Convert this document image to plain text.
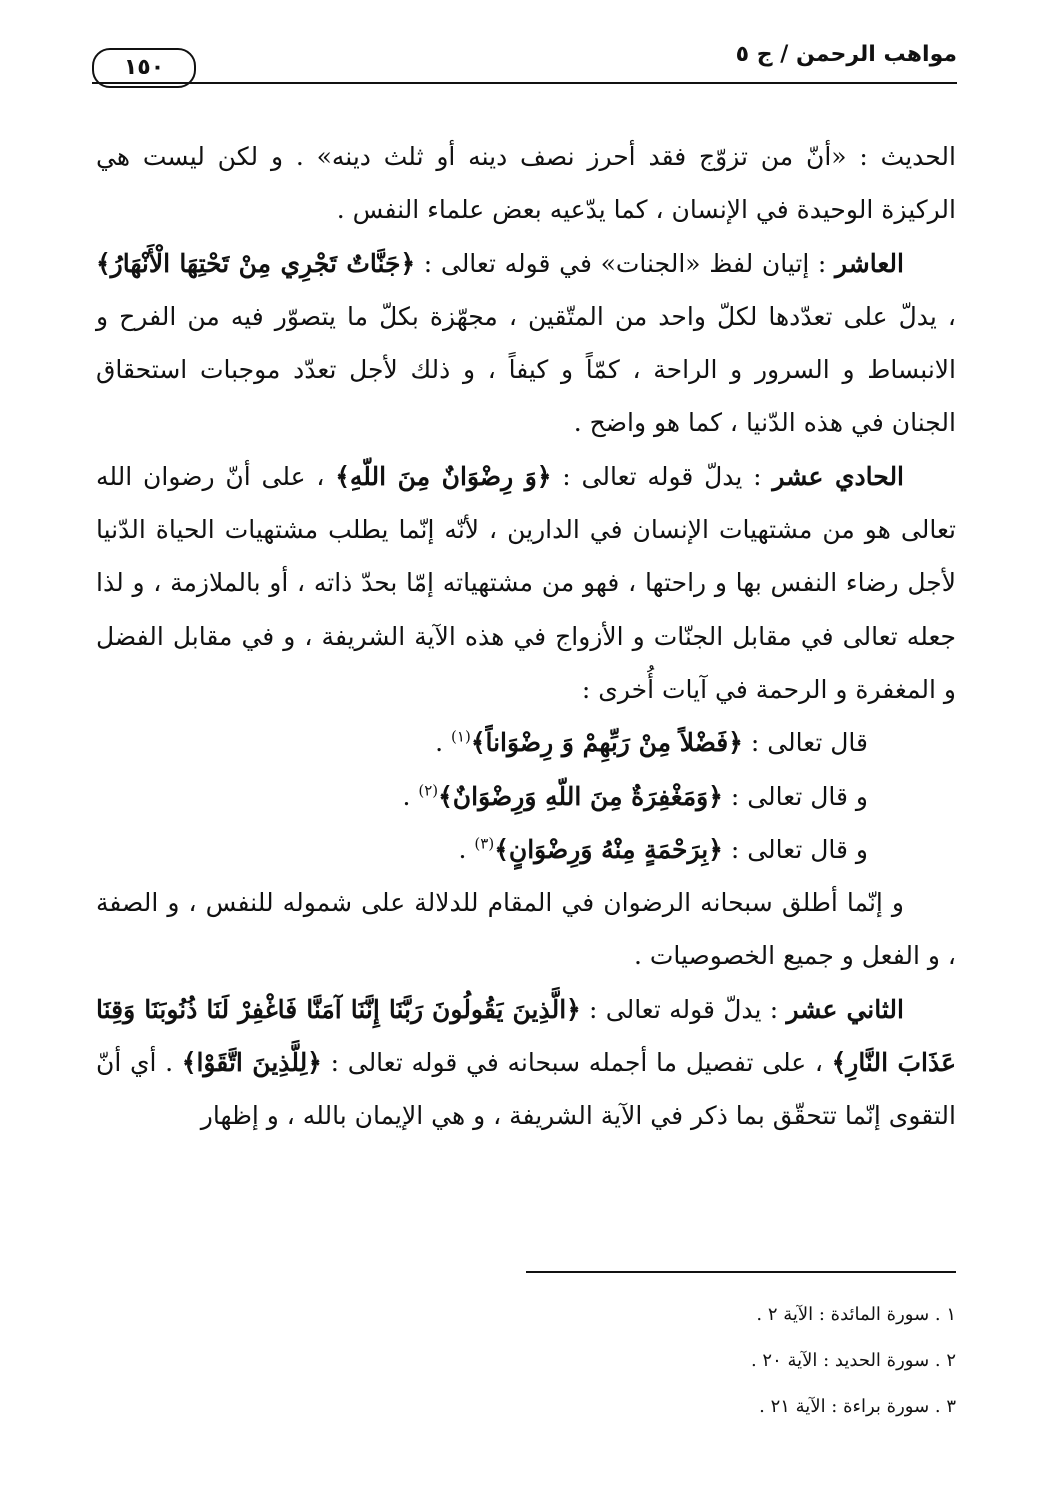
١٥٠
مواهب الرحمن / ج ٥

الحديث : «أنّ من تزوّج فقد أحرز نصف دينه أو ثلث دينه» . و لكن ليست هي الركيزة الوحيدة في الإنسان ، كما يدّعيه بعض علماء النفس .

العاشر : إتيان لفظ «الجنات» في قوله تعالى : ﴿جَنَّاتٌ تَجْرِي مِنْ تَحْتِهَا الْأَنْهَارُ﴾ ، يدلّ على تعدّدها لكلّ واحد من المتّقين ، مجهّزة بكلّ ما يتصوّر فيه من الفرح و الانبساط و السرور و الراحة ، كمّاً و كيفاً ، و ذلك لأجل تعدّد موجبات استحقاق الجنان في هذه الدّنيا ، كما هو واضح .

الحادي عشر : يدلّ قوله تعالى : ﴿وَ رِضْوَانٌ مِنَ اللّهِ﴾ ، على أنّ رضوان الله تعالى هو من مشتهيات الإنسان في الدارين ، لأنّه إنّما يطلب مشتهيات الحياة الدّنيا لأجل رضاء النفس بها و راحتها ، فهو من مشتهياته إمّا بحدّ ذاته ، أو بالملازمة ، و لذا جعله تعالى في مقابل الجنّات و الأزواج في هذه الآية الشريفة ، و في مقابل الفضل و المغفرة و الرحمة في آيات أُخرى :

قال تعالى : ﴿فَضْلاً مِنْ رَبِّهِمْ وَ رِضْوَاناً﴾$^{(١)}$ .

و قال تعالى : ﴿وَمَغْفِرَةٌ مِنَ اللّهِ وَرِضْوَانٌ﴾$^{(٢)}$ .

و قال تعالى : ﴿بِرَحْمَةٍ مِنْهُ وَرِضْوَانٍ﴾$^{(٣)}$ .

و إنّما أطلق سبحانه الرضوان في المقام للدلالة على شموله للنفس ، و الصفة ، و الفعل و جميع الخصوصيات .

الثاني عشر : يدلّ قوله تعالى : ﴿الَّذِينَ يَقُولُونَ رَبَّنَا إِنَّنَا آمَنَّا فَاغْفِرْ لَنَا ذُنُوبَنَا وَقِنَا عَذَابَ النَّارِ﴾ ، على تفصيل ما أجمله سبحانه في قوله تعالى : ﴿لِلَّذِينَ اتَّقَوْا﴾ . أي أنّ التقوى إنّما تتحقّق بما ذكر في الآية الشريفة ، و هي الإيمان بالله ، و إظهار

١ . سورة المائدة : الآية ٢ .

٢ . سورة الحديد : الآية ٢٠ .

٣ . سورة براءة : الآية ٢١ .
